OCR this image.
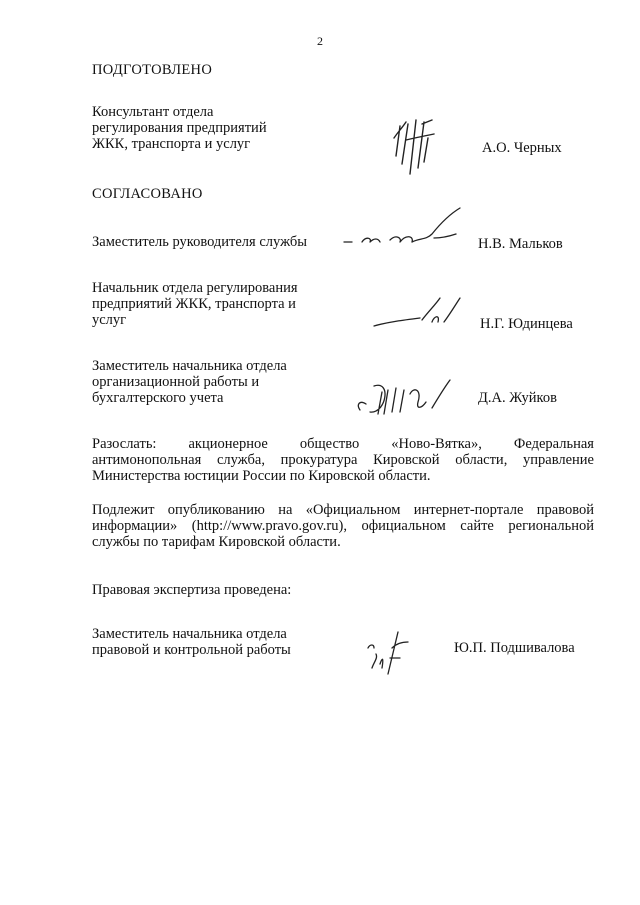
2
ПОДГОТОВЛЕНО
Консультант отдела
регулирования предприятий
ЖКК, транспорта и услуг	А.О. Черных
СОГЛАСОВАНО
Заместитель руководителя службы	Н.В. Мальков
Начальник отдела регулирования
предприятий ЖКК, транспорта и
услуг	Н.Г. Юдинцева
Заместитель начальника отдела
организационной работы и
бухгалтерского учета	Д.А. Жуйков
Разослать: акционерное общество «Ново-Вятка», Федеральная
антимонопольная служба, прокуратура Кировской области, управление
Министерства юстиции России по Кировской области.
Подлежит опубликованию на «Официальном интернет-портале правовой
информации» (http://www.pravo.gov.ru), официальном сайте региональной
службы по тарифам Кировской области.
Правовая экспертиза проведена:
Заместитель начальника отдела
правовой и контрольной работы	Ю.П. Подшивалова
